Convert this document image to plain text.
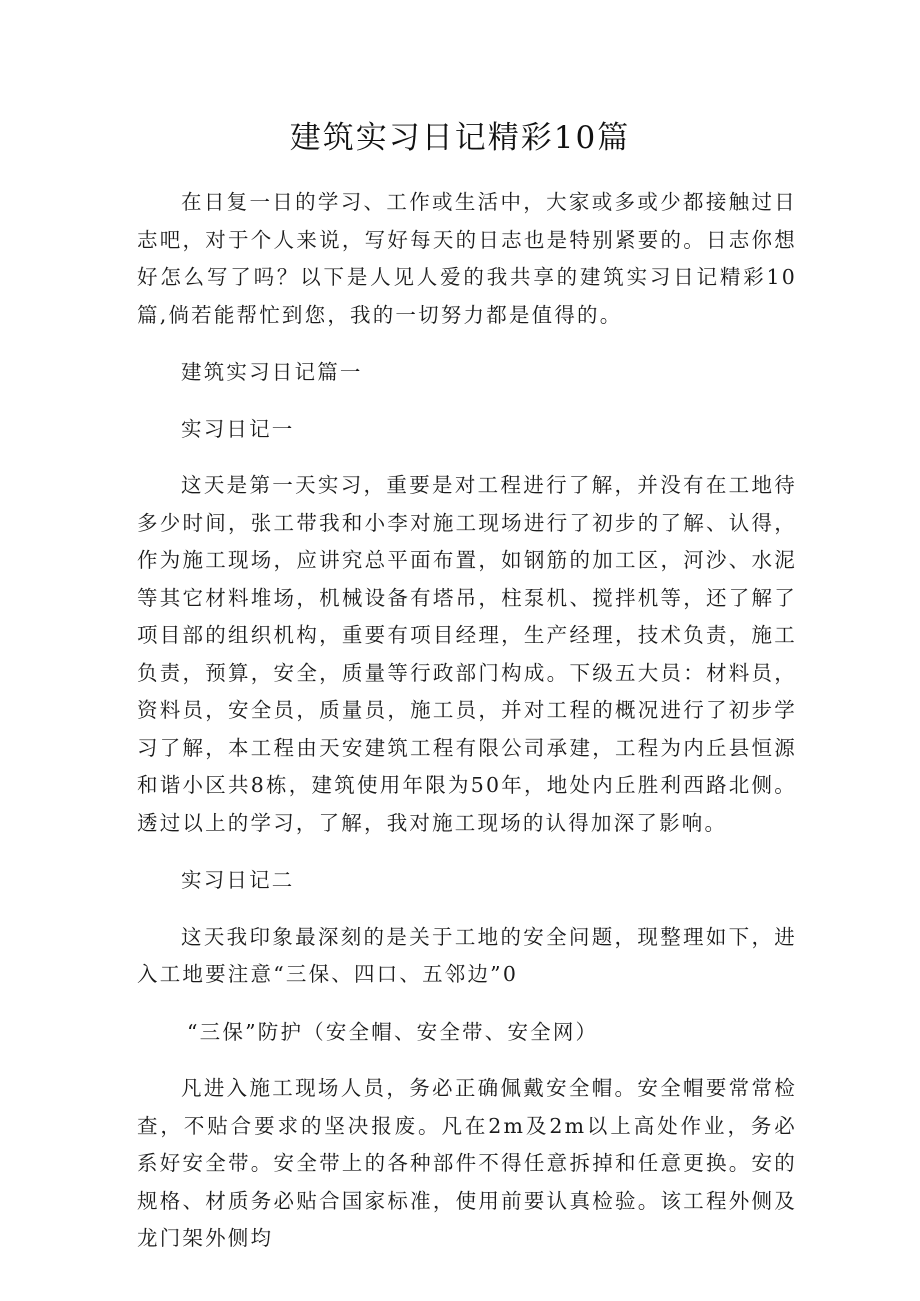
建筑实习日记精彩10篇

在日复一日的学习、工作或生活中，大家或多或少都接触过日志吧，对于个人来说，写好每天的日志也是特别紧要的。日志你想好怎么写了吗？以下是人见人爱的我共享的建筑实习日记精彩10篇,倘若能帮忙到您，我的一切努力都是值得的。

建筑实习日记篇一

实习日记一

这天是第一天实习，重要是对工程进行了解，并没有在工地待多少时间，张工带我和小李对施工现场进行了初步的了解、认得，作为施工现场，应讲究总平面布置，如钢筋的加工区，河沙、水泥等其它材料堆场，机械设备有塔吊，柱泵机、搅拌机等，还了解了项目部的组织机构，重要有项目经理，生产经理，技术负责，施工负责，预算，安全，质量等行政部门构成。下级五大员：材料员，资料员，安全员，质量员，施工员，并对工程的概况进行了初步学习了解，本工程由天安建筑工程有限公司承建，工程为内丘县恒源和谐小区共8栋，建筑使用年限为50年，地处内丘胜利西路北侧。透过以上的学习，了解，我对施工现场的认得加深了影响。

实习日记二

这天我印象最深刻的是关于工地的安全问题，现整理如下，进入工地要注意“三保、四口、五邻边”0

“三保”防护（安全帽、安全带、安全网）

凡进入施工现场人员，务必正确佩戴安全帽。安全帽要常常检查，不贴合要求的坚决报废。凡在2m及2m以上高处作业，务必系好安全带。安全带上的各种部件不得任意拆掉和任意更换。安的规格、材质务必贴合国家标准，使用前要认真检验。该工程外侧及龙门架外侧均
